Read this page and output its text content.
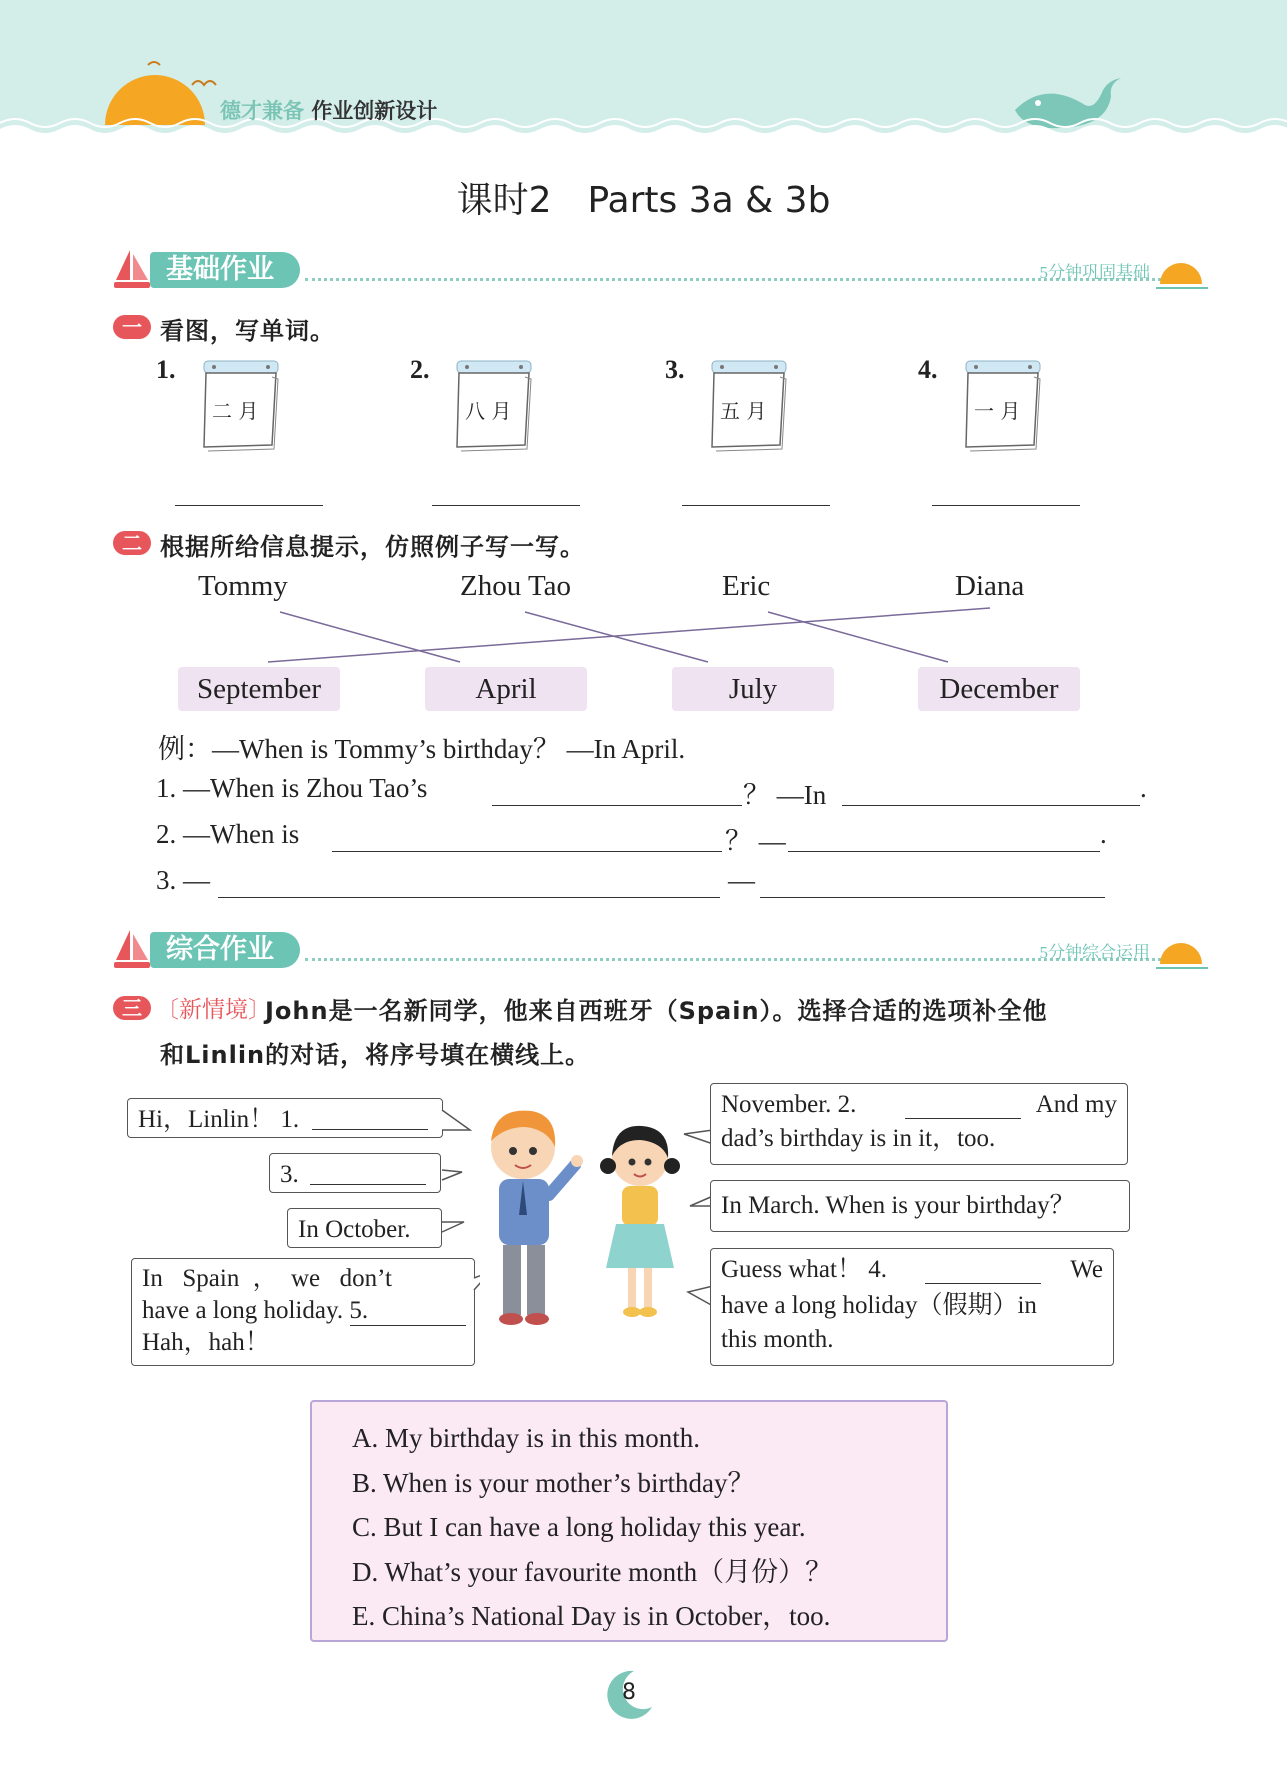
德才兼备 作业创新设计
课时2　Parts 3a & 3b
基础作业	5分钟巩固基础
一 看图，写单词。
1.	2.	3.	4.
二 月	八 月	五 月	一 月
二 根据所给信息提示，仿照例子写一写。
Tommy	Zhou Tao	Eric	Diana
September	April	July	December
例：—When is Tommy’s birthday？ —In April.
1. —When is Zhou Tao’s	？ —In	.
2. —When is	？ —	.
3. —	—
综合作业	5分钟综合运用
三 〔新情境〕
John是一名新同学，他来自西班牙（Spain）。选择合适的选项补全他
和Linlin的对话，将序号填在横线上。
Hi，Linlin！ 1.
3.
In October.
In Spain，we don’t have a long holiday. 5.
Hah，hah！
November. 2.	And my
dad’s birthday is in it，too.
In March. When is your birthday？
Guess what！ 4.	We
have a long holiday（假期）in
this month.
A. My birthday is in this month.
B. When is your mother’s birthday？
C. But I can have a long holiday this year.
D. What’s your favourite month（月份）？
E. China’s National Day is in October，too.
8
